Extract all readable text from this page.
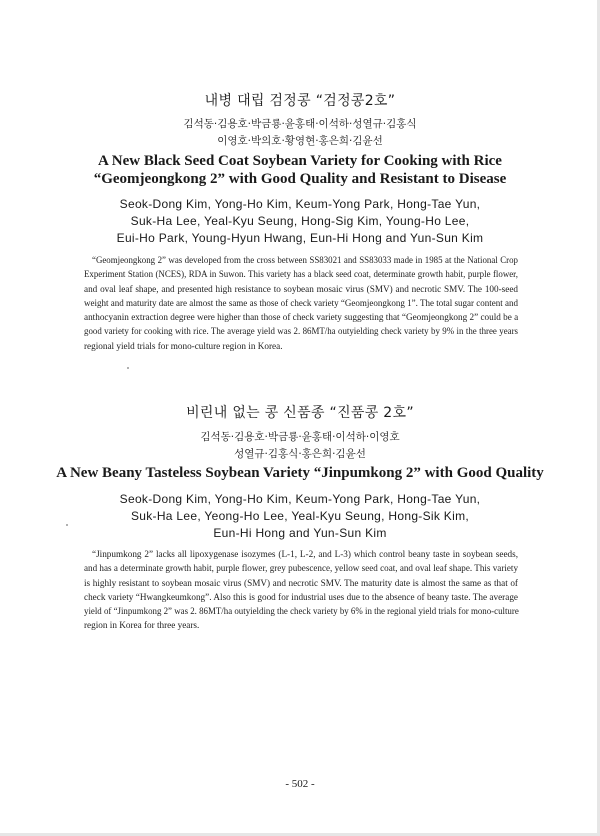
내병 대립 검정콩 “검정콩2호”
김석동·김용호·박금룡·윤홍태·이석하·성열규·김홍식
이영호·박의호·황영현·홍은희·김윤선
A New Black Seed Coat Soybean Variety for Cooking with Rice
“Geomjeongkong 2” with Good Quality and Resistant to Disease
Seok-Dong Kim, Yong-Ho Kim, Keum-Yong Park, Hong-Tae Yun,
Suk-Ha Lee, Yeal-Kyu Seung, Hong-Sig Kim, Young-Ho Lee,
Eui-Ho Park, Young-Hyun Hwang, Eun-Hi Hong and Yun-Sun Kim
“Geomjeongkong 2” was developed from the cross between SS83021 and SS83033 made in 1985 at the National Crop
Experiment Station (NCES), RDA in Suwon. This variety has a black seed coat, determinate growth habit, purple flower,
and oval leaf shape, and presented high resistance to soybean mosaic virus (SMV) and necrotic SMV. The 100-seed
weight and maturity date are almost the same as those of check variety “Geomjeongkong 1”. The total sugar content and
anthocyanin extraction degree were higher than those of check variety suggesting that “Geomjeongkong 2” could be a
good variety for cooking with rice. The average yield was 2. 86MT/ha outyielding check variety by 9% in the three years
regional yield trials for mono-culture region in Korea.
비린내 없는 콩 신품종 “진품콩 2호”
김석동·김용호·박금룡·윤홍태·이석하·이영호
성열규·김홍식·홍은희·김윤선
A New Beany Tasteless Soybean Variety “Jinpumkong 2” with Good Quality
Seok-Dong Kim, Yong-Ho Kim, Keum-Yong Park, Hong-Tae Yun,
Suk-Ha Lee, Yeong-Ho Lee, Yeal-Kyu Seung, Hong-Sik Kim,
Eun-Hi Hong and Yun-Sun Kim
“Jinpumkong 2” lacks all lipoxygenase isozymes (L-1, L-2, and L-3) which control beany taste in soybean seeds,
and has a determinate growth habit, purple flower, grey pubescence, yellow seed coat, and oval leaf shape. This variety
is highly resistant to soybean mosaic virus (SMV) and necrotic SMV. The maturity date is almost the same as that of
check variety “Hwangkeumkong”. Also this is good for industrial uses due to the absence of beany taste. The average
yield of “Jinpumkong 2” was 2. 86MT/ha outyielding the check variety by 6% in the regional yield trials for mono-culture
region in Korea for three years.
- 502 -
